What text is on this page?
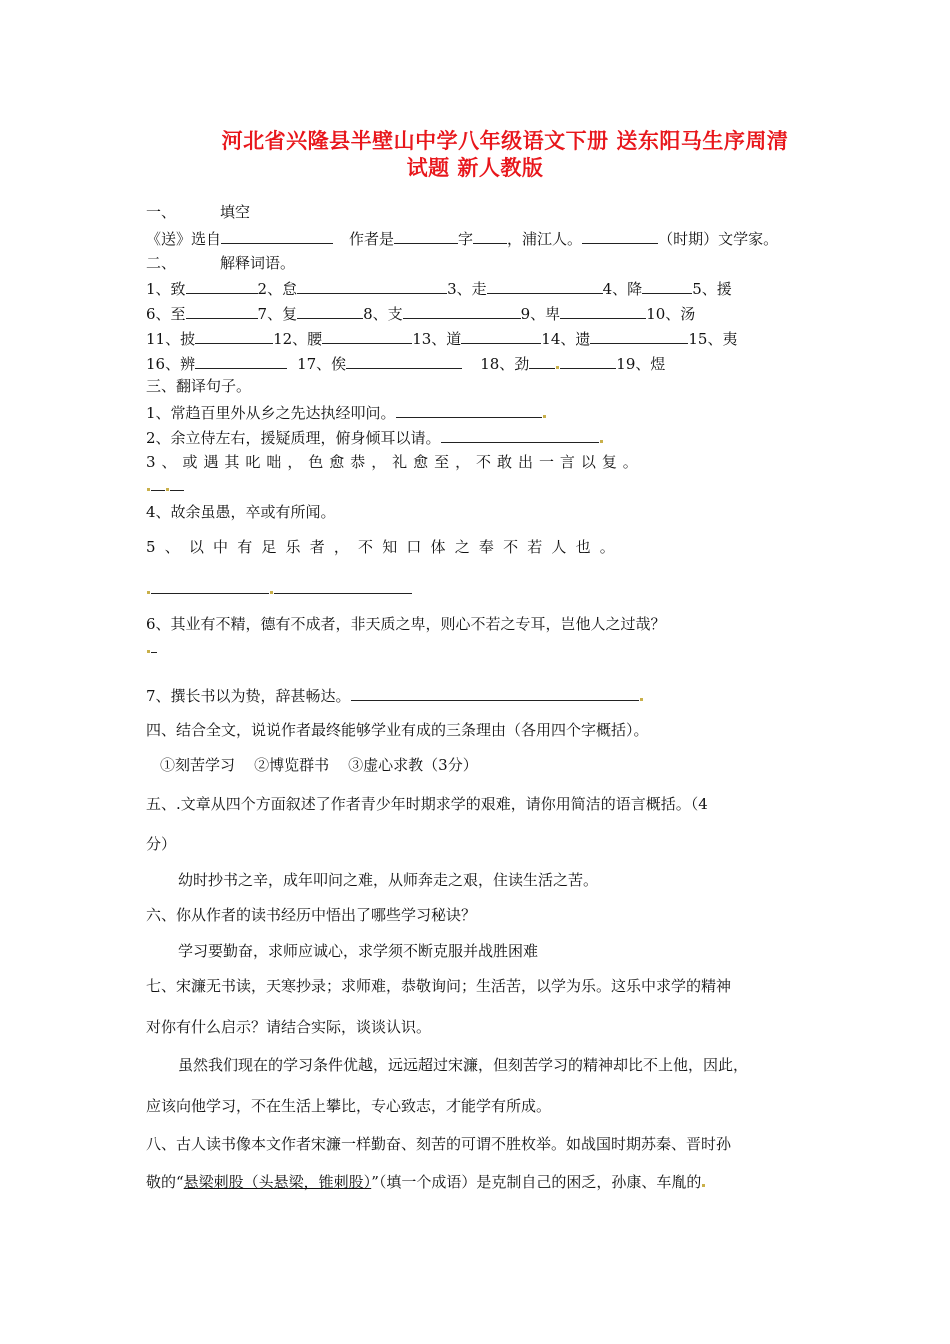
河北省兴隆县半壁山中学八年级语文下册 送东阳马生序周清
试题 新人教版
一、	填空
《送》选自	作者是	字 ，浦江人。	（时期）文学家。
二、	解释词语。
1、致	2、怠	3、走	4、降	5、援
6、至	7、复	8、支	9、卑	10、汤
11、披	12、腰	13、道	14、遗	15、夷
16、辨	17、俟	18、劲	19、煜
三、翻译句子。
1、常趋百里外从乡之先达执经叩问。
2、余立侍左右，援疑质理，俯身倾耳以请。
3 、 或 遇 其 叱 咄 ， 色 愈 恭 ， 礼 愈 至 ， 不 敢 出 一 言 以 复 。
4、故余虽愚，卒或有所闻。
5 、 以 中 有 足 乐 者 ， 不 知 口 体 之 奉 不 若 人 也 。
6、其业有不精，德有不成者，非天质之卑，则心不若之专耳，岂他人之过哉？
7、撰长书以为贽，辞甚畅达。
四、结合全文，说说作者最终能够学业有成的三条理由（各用四个字概括）。
①刻苦学习    ②博览群书    ③虚心求教（3分）
五、.文章从四个方面叙述了作者青少年时期求学的艰难，请你用简洁的语言概括。（4
分）
幼时抄书之辛，成年叩问之难，从师奔走之艰，住读生活之苦。
六、你从作者的读书经历中悟出了哪些学习秘诀？
学习要勤奋，求师应诚心，求学须不断克服并战胜困难
七、宋濂无书读，天寒抄录；求师难，恭敬询问；生活苦，以学为乐。这乐中求学的精神
对你有什么启示？请结合实际，谈谈认识。
虽然我们现在的学习条件优越，远远超过宋濂，但刻苦学习的精神却比不上他，因此，
应该向他学习，不在生活上攀比，专心致志，才能学有所成。
八、古人读书像本文作者宋濂一样勤奋、刻苦的可谓不胜枚举。如战国时期苏秦、晋时孙
敬的“悬梁刺股（头悬梁，锥刺股）”（填一个成语）是克制自己的困乏，孙康、车胤的
